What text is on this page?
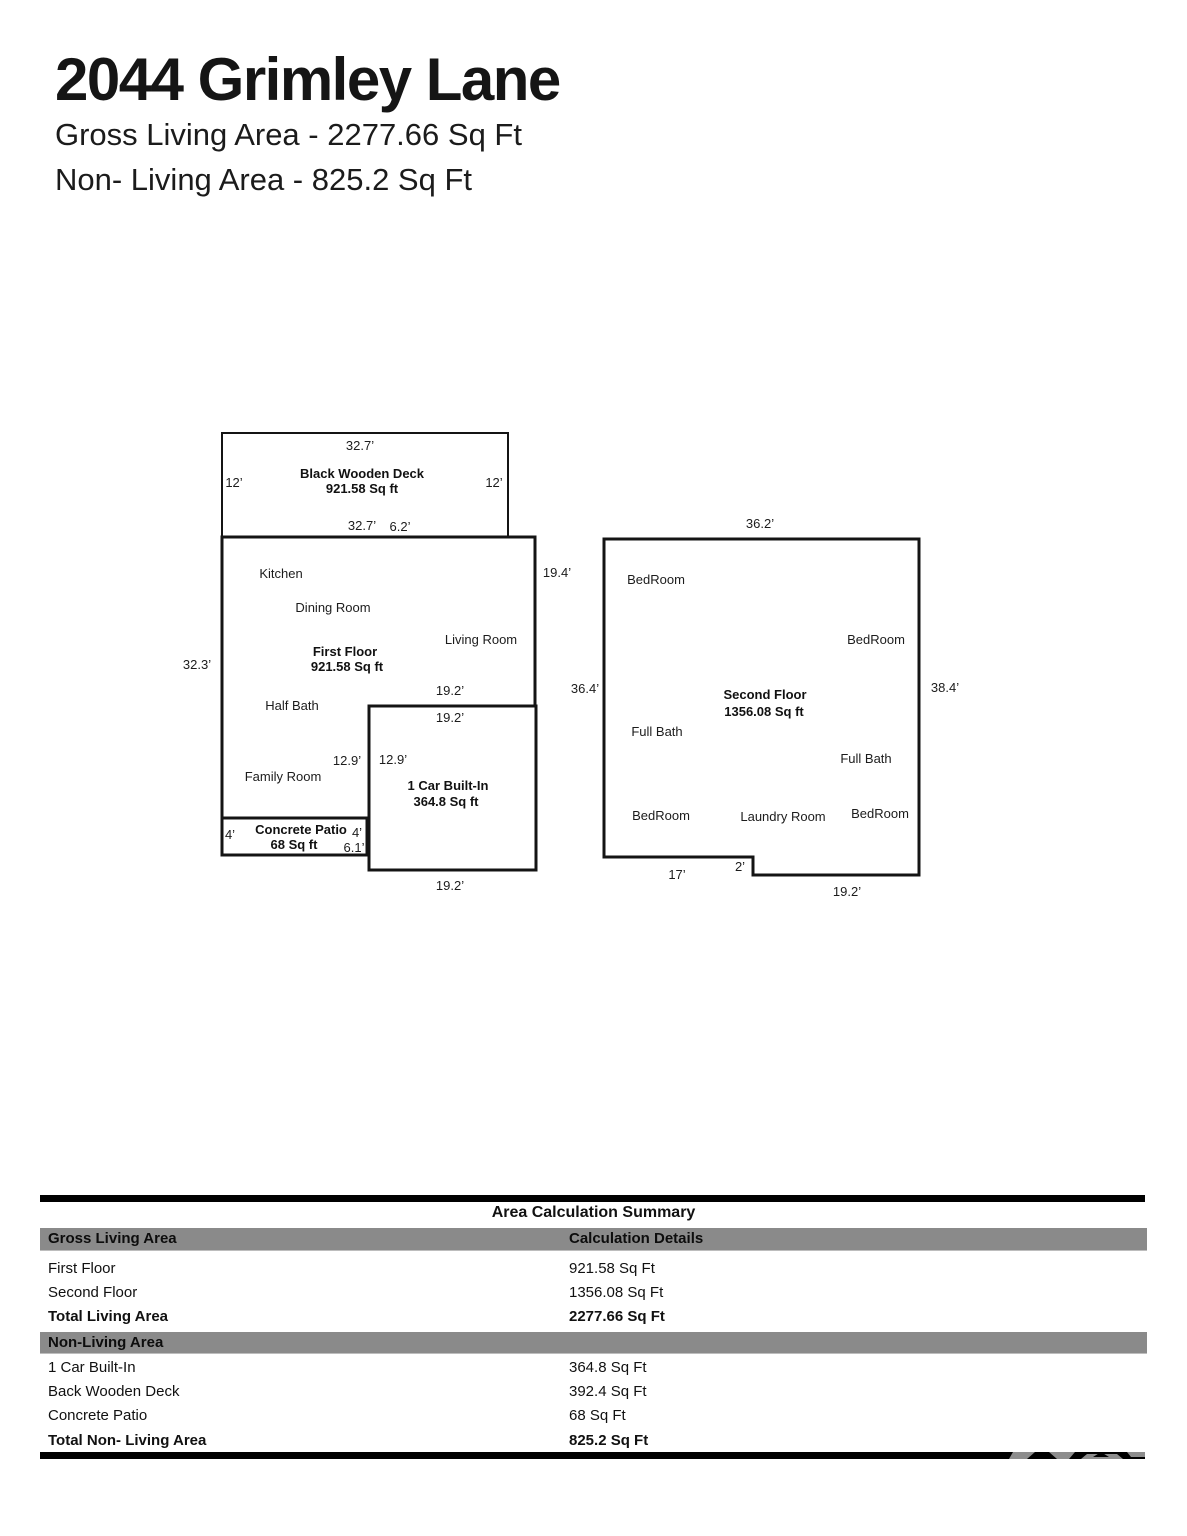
2044 Grimley Lane
Gross Living Area - 2277.66 Sq Ft
Non- Living Area - 825.2 Sq Ft
32.7’
Black Wooden Deck
921.58 Sq ft
12’	12’
32.7’ 6.2’
Kitchen	19.4’
Dining Room
Living Room
First Floor
921.58 Sq ft
32.3’
19.2’
Half Bath
19.2’
12.9’ 12.9’
Family Room
1 Car Built-In
364.8 Sq ft
Concrete Patio
68 Sq ft
4’	4’
6.1’
19.2’
36.2’
BedRoom
BedRoom
Second Floor
1356.08 Sq ft
36.4’	38.4’
Full Bath
Full Bath
BedRoom	Laundry Room BedRoom
17’
2’
19.2’
Area Calculation Summary
Gross Living Area	Calculation Details
First Floor	921.58 Sq Ft
Second Floor	1356.08 Sq Ft
Total Living Area	2277.66 Sq Ft
Non-Living Area
1 Car Built-In	364.8 Sq Ft
Back Wooden Deck	392.4 Sq Ft
Concrete Patio	68 Sq Ft
Total Non- Living Area	825.2 Sq Ft
